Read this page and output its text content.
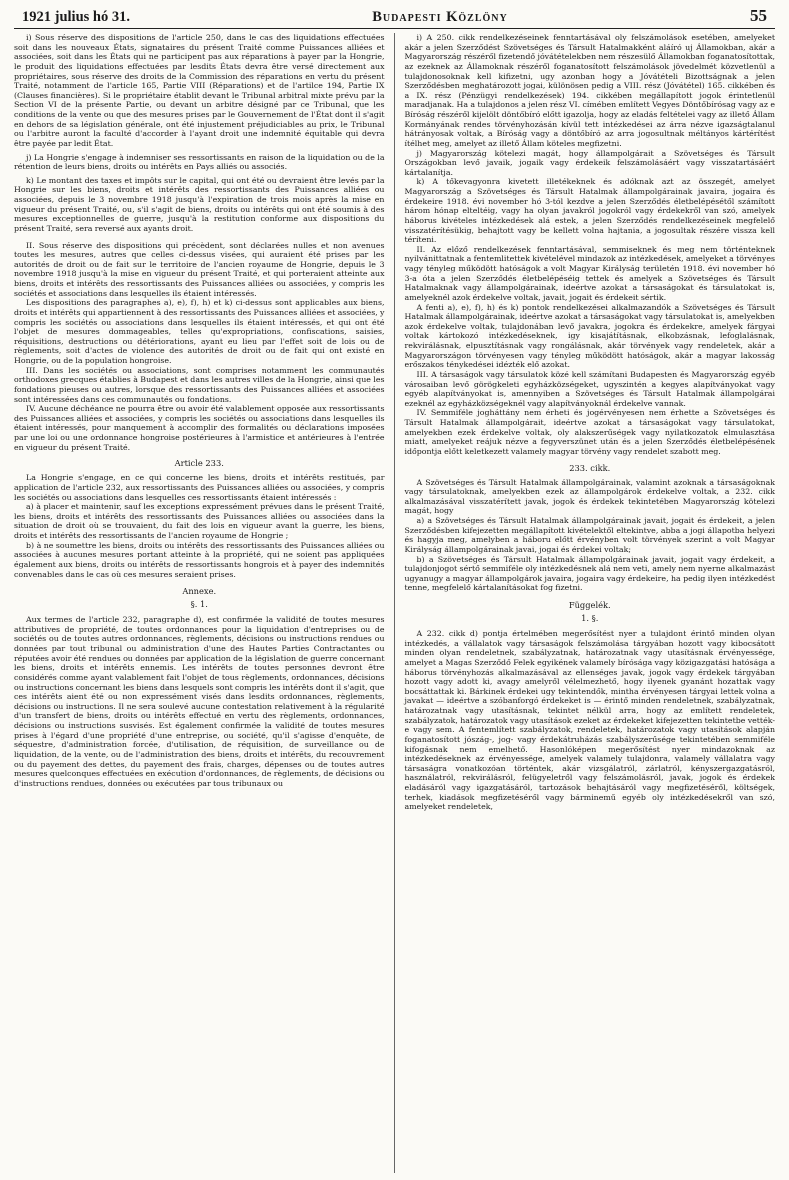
1921 julius hó 31.	Budapesti Közlöny	55

i) Sous réserve des dispositions de l'article 250, dans le cas des liquidations effectuées soit dans les nouveaux États, signataires du présent Traité comme Puissances alliées et associées, soit dans les États qui ne participent pas aux réparations à payer par la Hongrie, le produit des liquidations effectuées par lesdits États devra être versé directement aux propriétaires, sous réserve des droits de la Commission des réparations en vertu du présent Traité, notamment de l'article 165, Partie VIII (Réparations) et de l'artilce 194, Partie IX (Clauses financières). Si le propriétaire établit devant le Tribunal arbitral mixte prévu par la Section VI de la présente Partie, ou devant un arbitre désigné par ce Tribunal, que les conditions de la vente ou que des mesures prises par le Gouvernement de l'État dont il s'agit en dehors de sa législation générale, ont été injustement préjudiciables au prix, le Tribunal ou l'arbitre auront la faculté d'accorder à l'ayant droit une indemnité équitable qui devra être payée par ledit État.

j) La Hongrie s'engage à indemniser ses ressortissants en raison de la liquidation ou de la rétention de leurs biens, droits ou intérêts en Pays alliés ou associés.

k) Le montant des taxes et impôts sur le capital, qui ont été ou devraient être levés par la Hongrie sur les biens, droits et intérêts des ressortissants des Puissances alliées ou associées, depuis le 3 novembre 1918 jusqu'à l'expiration de trois mois après la mise en vigueur du présent Traité, ou, s'il s'agit de biens, droits ou intérêts qui ont été soumis à des mesures exceptionnelles de guerre, jusqu'à la restitution conforme aux dispositions du présent Traité, sera reversé aux ayants droit.

II. Sous réserve des dispositions qui précèdent, sont déclarées nulles et non avenues toutes les mesures, autres que celles ci-dessus visées, qui auraient été prises par les autorités de droit ou de fait sur le territoire de l'ancien royaume de Hongrie, depuis le 3 novembre 1918 jusqu'à la mise en vigueur du présent Traité, et qui porteraient atteinte aux biens, droits et intérêts des ressortissants des Puissances alliées ou associées, y compris les sociétés et associations dans lesquelles ils étaient intéressés.

Les dispositions des paragraphes a), e), f), h) et k) ci-dessus sont applicables aux biens, droits et intérêts qui appartiennent à des ressortissants des Puissances alliées et associées, y compris les sociétés ou associations dans lesquelles ils étaient intéressés, et qui ont été l'objet de mesures dommageables, telles qu'expropriations, confiscations, saisies, réquisitions, destructions ou détériorations, ayant eu lieu par l'effet soit de lois ou de règlements, soit d'actes de violence des autorités de droit ou de fait qui ont existé en Hongrie, ou de la population hongroise.

III. Dans les sociétés ou associations, sont comprises notamment les communautés orthodoxes grecques établies à Budapest et dans les autres villes de la Hongrie, ainsi que les fondations pieuses ou autres, lorsque des ressortissants des Puissances alliées et associées sont intéressées dans ces communautés ou fondations.

IV. Aucune déchéance ne pourra être ou avoir été valablement opposée aux ressortissants des Puissances alliées et associées, y compris les sociétés ou associations dans lesquelles ils étaient intéressés, pour manquement à accomplir des formalités ou déclarations imposées par une loi ou une ordonnance hongroise postérieures à l'armistice et antérieures à l'entrée en vigueur du présent Traité.

Article 233.

La Hongrie s'engage, en ce qui concerne les biens, droits et intérêts restitués, par application de l'article 232, aux ressortissants des Puissances alliées ou associées, y compris les sociétés ou associations dans lesquelles ces ressortissants étaient intéressés :

a) à placer et maintenir, sauf les exceptions expressément prévues dans le présent Traité, les biens, droits et intérêts des ressortissants des Puissances alliées ou associées dans la situation de droit où se trouvaient, du fait des lois en vigueur avant la guerre, les biens, droits et intérêts des ressortissants de l'ancien royaume de Hongrie ;

b) à ne soumettre les biens, droits ou intérêts des ressortissants des Puissances alliées ou associées à aucunes mesures portant atteinte à la propriété, qui ne soient pas appliquées également aux biens, droits ou intérêts de ressortissants hongrois et à payer des indemnités convenables dans le cas où ces mesures seraient prises.

Annexe.
§. 1.

Aux termes de l'article 232, paragraphe d), est confirmée la validité de toutes mesures attributives de propriété, de toutes ordonnances pour la liquidation d'entreprises ou de sociétés ou de toutes autres ordonnances, règlements, décisions ou instructions rendues ou données par tout tribunal ou administration d'une des Hautes Parties Contractantes ou réputées avoir été rendues ou données par application de la législation de guerre concernant les biens, droits et intérêts ennemis. Les intérêts de toutes personnes devront être considérés comme ayant valablement fait l'objet de tous règlements, ordonnances, décisions ou instructions concernant les biens dans lesquels sont compris les intérêts dont il s'agit, que ces intérêts aient été ou non expressément visés dans lesdits ordonnances, règlements, décisions ou instructions. Il ne sera soulevé aucune contestation relativement à la régularité d'un transfert de biens, droits ou intérêts effectué en vertu des règlements, ordonnances, décisions ou instructions susvisés. Est également confirmée la validité de toutes mesures prises à l'égard d'une propriété d'une entreprise, ou société, qu'il s'agisse d'enquête, de séquestre, d'administration forcée, d'utilisation, de réquisition, de surveillance ou de liquidation, de la vente, ou de l'administration des biens, droits et intérêts, du recouvrement ou du payement des dettes, du payement des frais, charges, dépenses ou de toutes autres mesures quelconques effectuées en exécution d'ordonnances, de règlements, de décisions ou d'instructions rendues, données ou exécutées par tous tribunaux ou

i) A 250. cikk rendelkezéseinek fenntartásával oly felszámolások esetében, amelyeket akár a jelen Szerződést Szövetséges és Társult Hatalmakként aláíró uj Államokban, akár a Magyarország részéről fizetendő jóvátételekben nem részesülő Államokban foganatosítottak, az ezeknek az Államoknak részéről foganatosított felszámolások jövedelmét közvetlenül a tulajdonosoknak kell kifizetni, ugy azonban hogy a Jóvátételi Bizottságnak a jelen Szerződésben meghatározott jogai, különösen pedig a VIII. rész (Jóvátétel) 165. cikkében és a IX. rész (Pénzügyi rendelkezések) 194. cikkében megállapított jogok érintetlenül maradjanak. Ha a tulajdonos a jelen rész VI. címében említett Vegyes Döntőbírósag vagy az e Bíróság részéről kijelölt döntőbíró előtt igazolja, hogy az eladás feltételei vagy az illető Állam Kormányának rendes törvényhozásán kívül tett intézkedései az árra nézve igazságtalanul hátrányosak voltak, a Bíróság vagy a döntőbíró az arra jogosultnak méltányos kártérítést ítélhet meg, amelyet az illető Állam köteles megfizetni.

j) Magyarország kötelezi magát, hogy állampolgárait a Szövetséges és Társult Országokban levő javaik, jogaik vagy érdekeik felszámolásáért vagy visszatartásáért kártalanítja.

k) A tőkevagyonra kivetett illetékeknek és adóknak azt az összegét, amelyet Magyarország a Szövetséges és Társult Hatalmak állampolgárainak javaira, jogaira és érdekeire 1918. évi november hó 3-tól kezdve a jelen Szerződés életbelépésétől számított három hónap elteltéig, vagy ha olyan javakról jogokról vagy érdekekről van szó, amelyek háborus kivételes intézkedések alá estek, a jelen Szerződés rendelkezéseinek megfelelő visszatérítésükig, behajtott vagy be kellett volna hajtania, a jogosultak részére vissza kell téríteni.

II. Az előző rendelkezések fenntartásával, semmiseknek és meg nem történteknek nyilvánittatnak a fentemlitettek kivételével mindazok az intézkedések, amelyeket a törvényes vagy tényleg működött hatóságok a volt Magyar Királyság területén 1918. évi november hó 3-a óta a jelen Szerződés életbelépéséig tettek és amelyek a Szövetséges és Társult Hatalmaknak vagy állampolgárainak, ideértve azokat a társaságokat és társulatokat is, amelyeknél azok érdekelve voltak, javait, jogait és érdekeit sértik.

A fenti a), e), f), h) és k) pontok rendelkezései alkalmazandók a Szövetséges és Társult Hatalmak állampolgárainak, ideértve azokat a társaságokat vagy társulatokat is, amelyekben azok érdekelve voltak, tulajdonában levő javakra, jogokra és érdekekre, amelyek fárgyai voltak kártokozó intézkedéseknek, igy kisajátításnak, elkobzásnak, lefoglalásnak, rekvirálásnak, elpusztításnak vagy rongálásnak, akár törvények vagy rendeletek, akár a Magyarországon törvényesen vagy tényleg működött hatóságok, akár a magyar lakosság erőszakos ténykedései idézték elő azokat.

III. A társaságok vagy társulatok közé kell számítani Budapesten és Magyarország egyéb városaiban levő görögkeleti egyházközségeket, ugyszintén a kegyes alapítványokat vagy egyéb alapítványokat is, amennyiben a Szövetséges és Társult Hatalmak állampolgárai ezeknél az egyházközségeknél vagy alapítványoknál érdekelve vannak.

IV. Semmiféle jogháttány nem érheti és jogérvényesen nem érhette a Szövetséges és Társult Hatalmak állampolgárait, ideértve azokat a társaságokat vagy társulatokat, amelyekben ezek érdekelve voltak, oly alakszerűségek vagy nyilatkozatok elmulasztása miatt, amelyeket reájuk nézve a fegyverszünet után és a jelen Szerződés életbelépésének időpontja előtt keletkezett valamely magyar törvény vagy rendelet szabott meg.

233. cikk.

A Szövetséges és Társult Hatalmak állampolgárainak, valamint azoknak a társaságoknak vagy társulatoknak, amelyekben ezek az állampolgárok érdekelve voltak, a 232. cikk alkalmazásával visszatérített javak, jogok és érdekek tekintetében Magyarország kötelezi magát, hogy

a) a Szövetséges és Társult Hatalmak állampolgárainak javait, jogait és érdekeit, a jelen Szerződésben kifejezetten megállapított kivételektől eltekintve, abba a jogi állapotba helyezi és hagyja meg, amelyben a háboru előtt érvényben volt törvények szerint a volt Magyar Királyság állampolgárainak javai, jogai és érdekei voltak;

b) a Szövetséges és Társult Hatalmak állampolgárainak javait, jogait vagy érdekeit, a tulajdonjogot sértő semmiféle oly intézkedésnek alá nem veti, amely nem nyerne alkalmazást ugyanugy a magyar állampolgárok javaira, jogaira vagy érdekeire, ha pedig ilyen intézkedést tenne, megfelelő kártalanításokat fog fizetni.

Függelék.
1. §.

A 232. cikk d) pontja értelmében megerősítést nyer a tulajdont érintő minden olyan intézkedés, a vállalatok vagy társaságok felszámolása tárgyában hozott vagy kibocsátott minden olyan rendeletnek, szabályzatnak, határozatnak vagy utasításnak érvényessége, amelyet a Magas Szerződő Felek egyikének valamely bírósága vagy közigazgatási hatósága a háborus törvényhozás alkalmazásával az ellenséges javak, jogok vagy érdekek tárgyában hozott vagy adott ki, avagy amelyről vélelmezhető, hogy ilyenek gyanánt hozattak vagy bocsáttattak ki. Bárkinek érdekei ugy tekintendők, mintha érvényesen tárgyai lettek volna a javakat — ideértve a szóbanforgó érdekeket is — érintő minden rendeletnek, szabályzatnak, határozatnak vagy utasításnak, tekintet nélkül arra, hogy az említett rendeletek, szabályzatok, határozatok vagy utasítások ezeket az érdekeket kifejezetten tekintetbe vették-e vagy sem. A fentemlített szabályzatok, rendeletek, határozatok vagy utasítások alapján foganatosított jószág-, jog- vagy érdekátruházás szabályszerűsége tekintetében semmiféle kifogásnak nem emelhető. Hasonlóképen megerősítést nyer mindazoknak az intézkedéseknek az érvényessége, amelyek valamely tulajdonra, valamely vállalatra vagy társaságra vonatkozóan történtek, akár vizsgálatról, zárlatról, kényszergazgatásról, használatról, rekvirálásról, felügyeletről vagy felszámolásról, javak, jogok és érdekek eladásáról vagy igazgatásáról, tartozások behajtásáról vagy megfizetéséről, költségek, terhek, kiadások megfizetéséről vagy bárminemű egyéb oly intézkedésekről van szó, amelyeket rendeletek,
